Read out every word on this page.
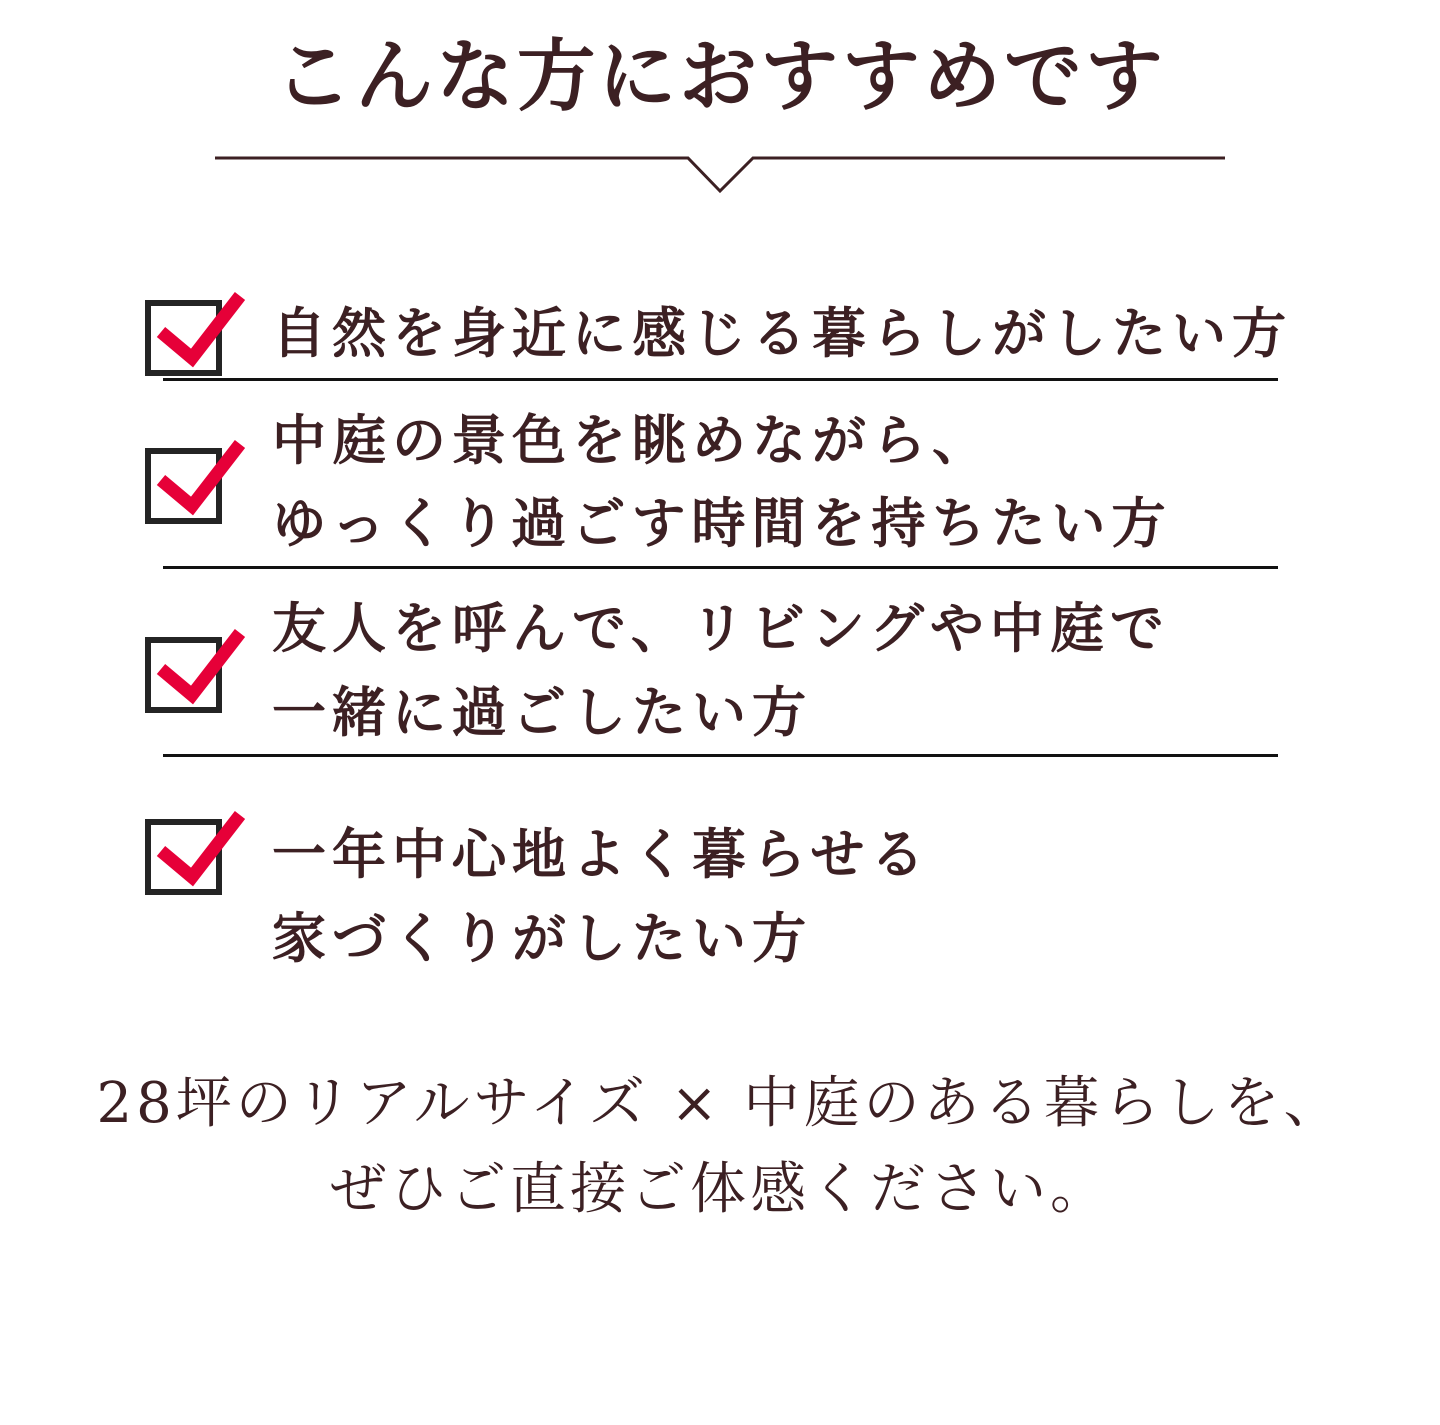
こんな方におすすめです
自然を身近に感じる暮らしがしたい方
中庭の景色を眺めながら、
ゆっくり過ごす時間を持ちたい方
友人を呼んで、リビングや中庭で
一緒に過ごしたい方
一年中心地よく暮らせる
家づくりがしたい方
28坪のリアルサイズ × 中庭のある暮らしを、
ぜひご直接ご体感ください。
